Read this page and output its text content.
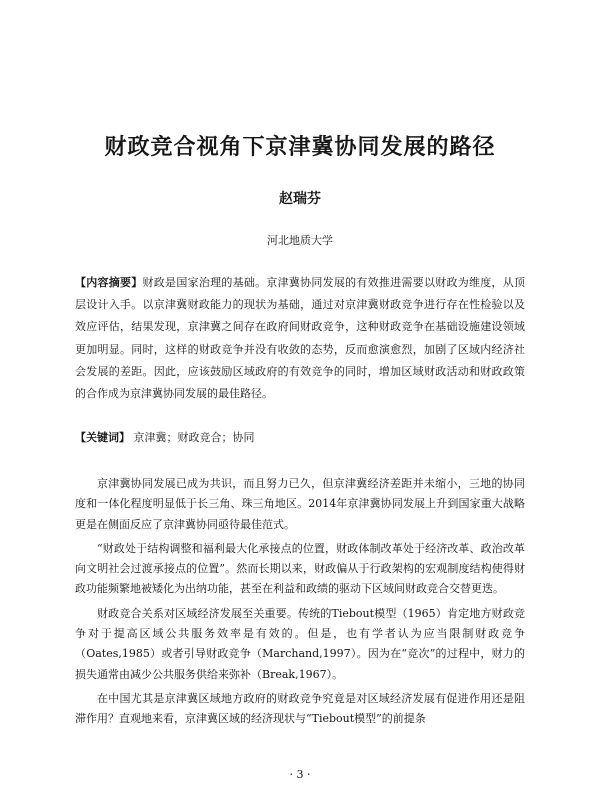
财政竞合视角下京津冀协同发展的路径
赵瑞芬
河北地质大学
【内容摘要】财政是国家治理的基础。京津冀协同发展的有效推进需要以财政为维度，从顶层设计入手。以京津冀财政能力的现状为基础，通过对京津冀财政竞争进行存在性检验以及效应评估，结果发现，京津冀之间存在政府间财政竞争，这种财政竞争在基础设施建设领域更加明显。同时，这样的财政竞争并没有收敛的态势，反而愈演愈烈，加剧了区域内经济社会发展的差距。因此，应该鼓励区域政府的有效竞争的同时，增加区域财政活动和财政政策的合作成为京津冀协同发展的最佳路径。
【关键词】 京津冀；财政竞合；协同

京津冀协同发展已成为共识，而且努力已久，但京津冀经济差距并未缩小，三地的协同度和一体化程度明显低于长三角、珠三角地区。2014年京津冀协同发展上升到国家重大战略更是在侧面反应了京津冀协同亟待最佳范式。

“财政处于结构调整和福利最大化承接点的位置，财政体制改革处于经济改革、政治改革向文明社会过渡承接点的位置”。然而长期以来，财政偏从于行政架构的宏观制度结构使得财政功能频繁地被矮化为出纳功能，甚至在利益和政绩的驱动下区域间财政竞合交替更迭。

财政竞合关系对区域经济发展至关重要。传统的Tiebout模型（1965）肯定地方财政竞争对于提高区域公共服务效率是有效的。但是，也有学者认为应当限制财政竞争（Oates,1985）或者引导财政竞争（Marchand,1997）。因为在“竞次”的过程中，财力的损失通常由减少公共服务供给来弥补（Break,1967）。

在中国尤其是京津冀区域地方政府的财政竞争究竟是对区域经济发展有促进作用还是阻滞作用？直观地来看，京津冀区域的经济现状与“Tiebout模型”的前提条

· 3 ·
